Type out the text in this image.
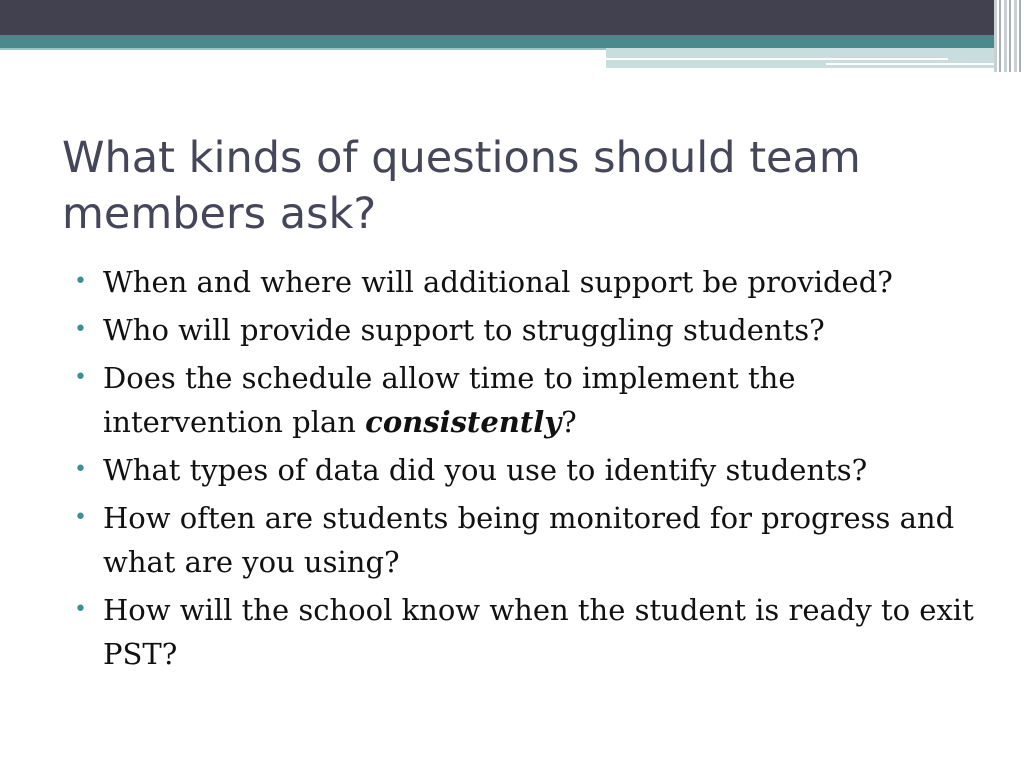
What kinds of questions should team members ask?
• When and where will additional support be provided?
• Who will provide support to struggling students?
• Does the schedule allow time to implement the intervention plan consistently?
• What types of data did you use to identify students?
• How often are students being monitored for progress and what are you using?
• How will the school know when the student is ready to exit PST?
